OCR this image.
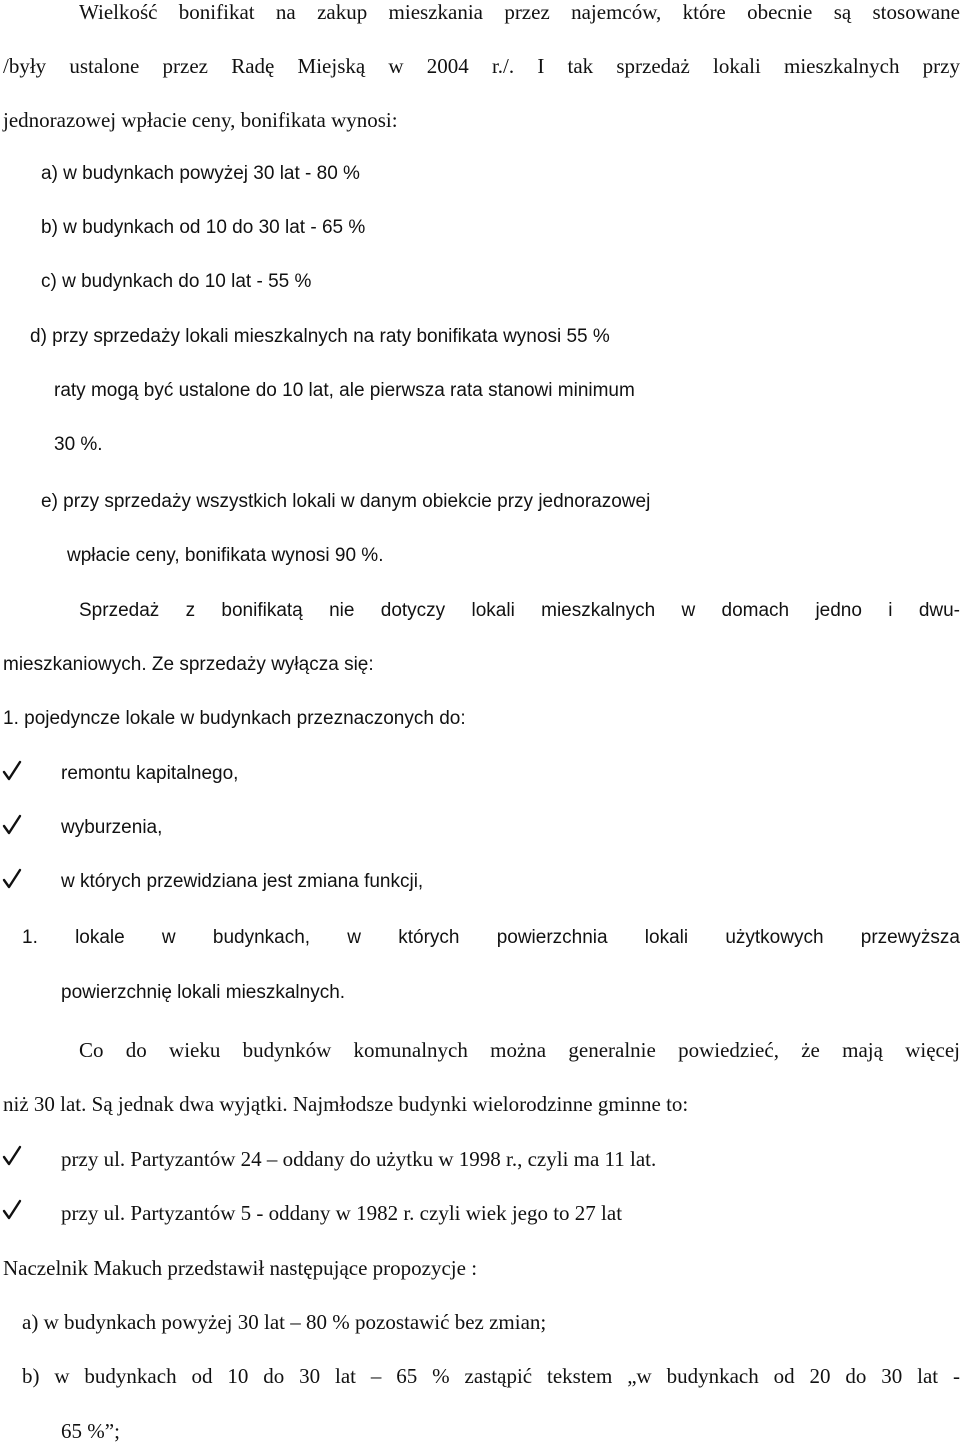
Wielkość bonifikat na zakup mieszkania przez najemców, które obecnie są stosowane
/były ustalone przez Radę Miejską w 2004 r./. I tak sprzedaż lokali mieszkalnych przy
jednorazowej wpłacie ceny, bonifikata wynosi:
a) w budynkach powyżej 30 lat - 80 %
b) w budynkach od 10 do 30 lat - 65 %
c) w budynkach do 10 lat - 55 %
d) przy sprzedaży lokali mieszkalnych na raty bonifikata wynosi 55 %
raty mogą być ustalone do 10 lat, ale pierwsza rata stanowi minimum
30 %.
e) przy sprzedaży wszystkich lokali w danym obiekcie przy jednorazowej
wpłacie ceny, bonifikata wynosi 90 %.
Sprzedaż z bonifikatą nie dotyczy lokali mieszkalnych w domach jedno i dwu-
mieszkaniowych. Ze sprzedaży wyłącza się:
1. pojedyncze lokale w budynkach przeznaczonych do:
remontu kapitalnego,
wyburzenia,
w których przewidziana jest zmiana funkcji,
1. lokale w budynkach, w których powierzchnia lokali użytkowych przewyższa
powierzchnię lokali mieszkalnych.
Co do wieku budynków komunalnych można generalnie powiedzieć, że mają więcej
niż 30 lat. Są jednak dwa wyjątki. Najmłodsze budynki wielorodzinne gminne to:
przy ul. Partyzantów 24 – oddany do użytku w 1998 r., czyli ma 11 lat.
przy ul. Partyzantów 5 - oddany w 1982 r. czyli wiek jego to 27 lat
Naczelnik Makuch przedstawił następujące propozycje :
a) w budynkach powyżej 30 lat – 80 % pozostawić bez zmian;
b) w budynkach od 10 do 30 lat – 65 % zastąpić tekstem „w budynkach od 20 do 30 lat -
65 %”;
